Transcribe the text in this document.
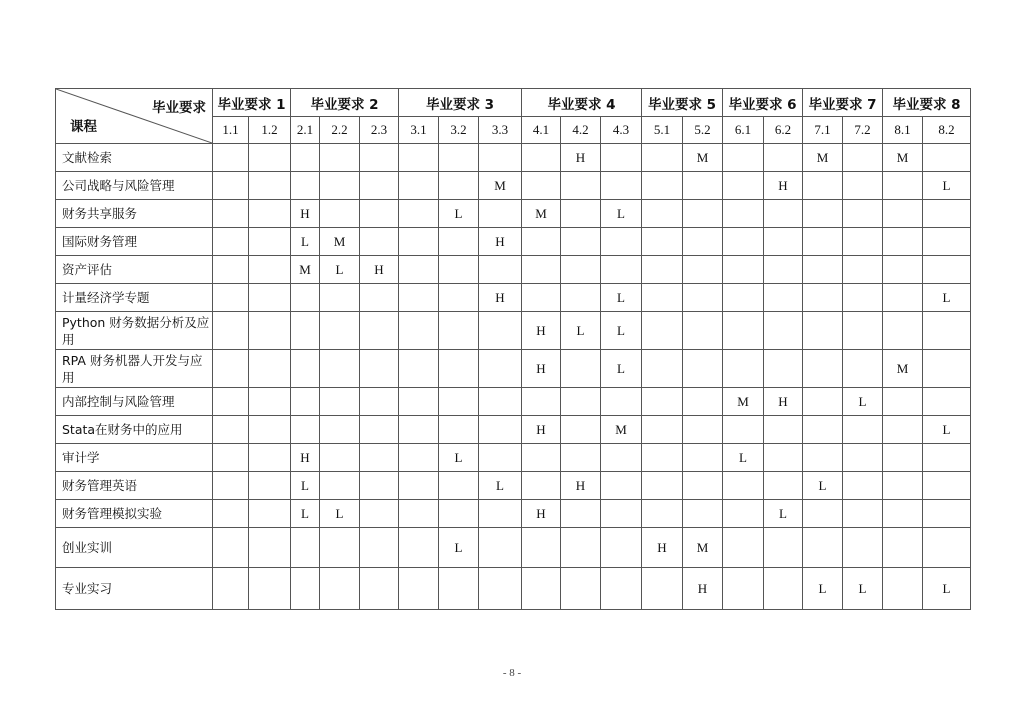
毕业要求
课程	毕业要求 1		毕业要求 2			毕业要求 3			毕业要求 4			毕业要求 5		毕业要求 6		毕业要求 7		毕业要求 8	
	1.1	1.2	2.1	2.2	2.3	3.1	3.2	3.3	4.1	4.2	4.3	5.1	5.2	6.1	6.2	7.1	7.2	8.1	8.2
文献检索										H			M			M		M	
公司战略与风险管理								M							H				L
财务共享服务			H				L		M		L								
国际财务管理			L	M				H											
资产评估			M	L	H														
计量经济学专题								H			L								L
Python 财务数据分析及应用									H	L	L								
RPA 财务机器人开发与应用									H		L							M	
内部控制与风险管理														M	H		L		
Stata在财务中的应用									H		M								L
审计学			H				L							L					
财务管理英语			L					L		H						L			
财务管理模拟实验			L	L					H						L				
创业实训							L					H	M						
专业实习													H			L	L		L
- 8 -
